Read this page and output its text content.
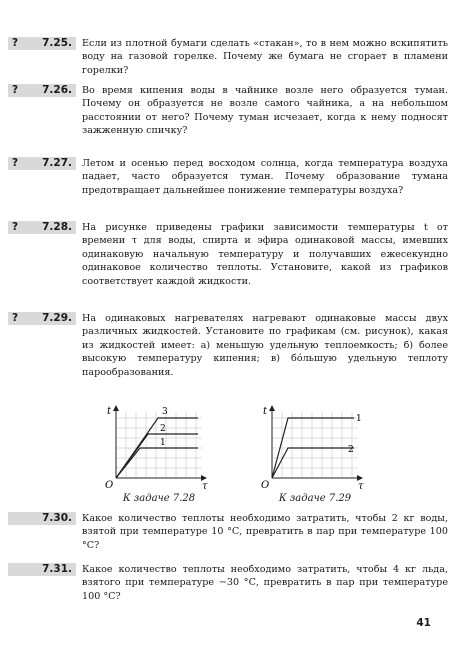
? 7.25.	Если из плотной бумаги сделать «стакан», то в нем можно вскипятить воду на газовой горелке. Почему же бумага не сгорает в пламени горелки?
? 7.26.	Во время кипения воды в чайнике возле него образуется туман. Почему он образуется не возле самого чайника, а на небольшом расстоянии от него? Почему туман исчезает, когда к нему подносят зажженную спичку?
? 7.27.	Летом и осенью перед восходом солнца, когда температура воздуха падает, часто образуется туман. Почему образование тумана предотвращает дальнейшее понижение температуры воздуха?
? 7.28.	На рисунке приведены графики зависимости температуры t от времени τ для воды, спирта и эфира одинаковой массы, имевших одинаковую начальную температуру и получавших ежесекундно одинаковое количество теплоты. Установите, какой из графиков соответствует каждой жидкости.
? 7.29.	На одинаковых нагревателях нагревают одинаковые массы двух различных жидкостей. Установите по графикам (см. рисунок), какая из жидкостей имеет: а) меньшую удельную теплоемкость; б) более высокую температуру кипения; в) бо́льшую удельную теплоту парообразования.
t
τ
O
3
2
1
К задаче 7.28
t
τ
O
1
2
К задаче 7.29
7.30.	Какое количество теплоты необходимо затратить, чтобы 2 кг воды, взятой при температуре 10 °С, превратить в пар при температуре 100 °С?
7.31.	Какое количество теплоты необходимо затратить, чтобы 4 кг льда, взятого при температуре −30 °С, превратить в пар при температуре 100 °С?
41
